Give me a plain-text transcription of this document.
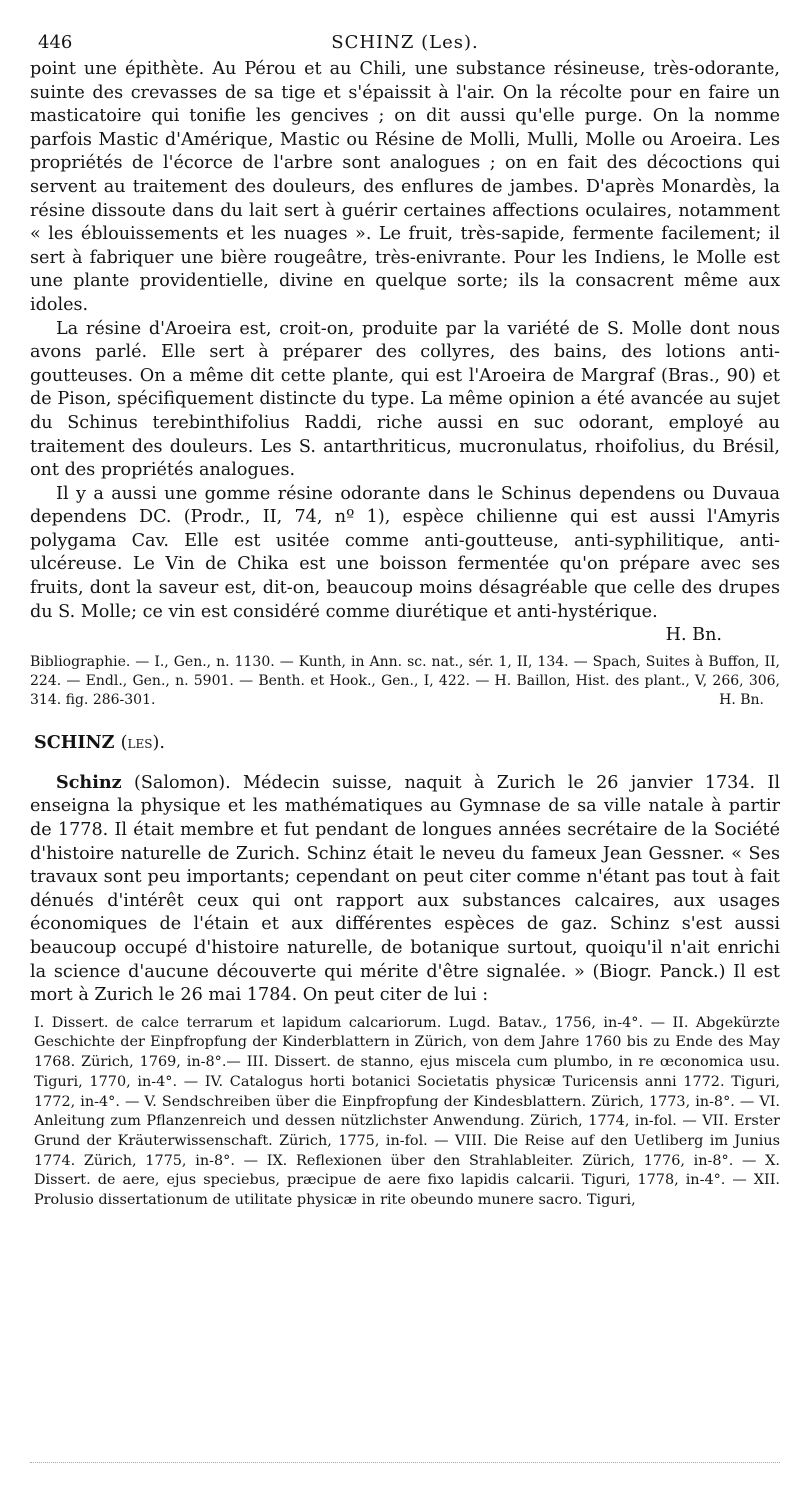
446	SCHINZ (Les).

point une épithète. Au Pérou et au Chili, une substance résineuse, très-odorante, suinte des crevasses de sa tige et s'épaissit à l'air. On la récolte pour en faire un masticatoire qui tonifie les gencives ; on dit aussi qu'elle purge. On la nomme parfois Mastic d'Amérique, Mastic ou Résine de Molli, Mulli, Molle ou Aroeira. Les propriétés de l'écorce de l'arbre sont analogues ; on en fait des décoctions qui servent au traitement des douleurs, des enflures de jambes. D'après Monardès, la résine dissoute dans du lait sert à guérir certaines affections oculaires, notamment « les éblouissements et les nuages ». Le fruit, très-sapide, fermente facilement; il sert à fabriquer une bière rougeâtre, très-enivrante. Pour les Indiens, le Molle est une plante providentielle, divine en quelque sorte; ils la consacrent même aux idoles.

La résine d'Aroeira est, croit-on, produite par la variété de S. Molle dont nous avons parlé. Elle sert à préparer des collyres, des bains, des lotions anti-goutteuses. On a même dit cette plante, qui est l'Aroeira de Margraf (Bras., 90) et de Pison, spécifiquement distincte du type. La même opinion a été avancée au sujet du Schinus terebinthifolius Raddi, riche aussi en suc odorant, employé au traitement des douleurs. Les S. antarthriticus, mucronulatus, rhoifolius, du Brésil, ont des propriétés analogues.

Il y a aussi une gomme résine odorante dans le Schinus dependens ou Duvaua dependens DC. (Prodr., II, 74, nº 1), espèce chilienne qui est aussi l'Amyris polygama Cav. Elle est usitée comme anti-goutteuse, anti-syphilitique, anti-ulcéreuse. Le Vin de Chika est une boisson fermentée qu'on prépare avec ses fruits, dont la saveur est, dit-on, beaucoup moins désagréable que celle des drupes du S. Molle; ce vin est considéré comme diurétique et anti-hystérique.

H. Bn.
Bibliographie. — I., Gen., n. 1130. — Kunth, in Ann. sc. nat., sér. 1, II, 134. — Spach, Suites à Buffon, II, 224. — Endl., Gen., n. 5901. — Benth. et Hook., Gen., I, 422. — H. Baillon, Hist. des plant., V, 266, 306, 314. fig. 286-301.	H. Bn.
SCHINZ (les).

Schinz (Salomon). Médecin suisse, naquit à Zurich le 26 janvier 1734. Il enseigna la physique et les mathématiques au Gymnase de sa ville natale à partir de 1778. Il était membre et fut pendant de longues années secrétaire de la Société d'histoire naturelle de Zurich. Schinz était le neveu du fameux Jean Gessner. « Ses travaux sont peu importants; cependant on peut citer comme n'étant pas tout à fait dénués d'intérêt ceux qui ont rapport aux substances calcaires, aux usages économiques de l'étain et aux différentes espèces de gaz. Schinz s'est aussi beaucoup occupé d'histoire naturelle, de botanique surtout, quoiqu'il n'ait enrichi la science d'aucune découverte qui mérite d'être signalée. » (Biogr. Panck.) Il est mort à Zurich le 26 mai 1784. On peut citer de lui :

I. Dissert. de calce terrarum et lapidum calcariorum. Lugd. Batav., 1756, in-4°. — II. Abgekürzte Geschichte der Einpfropfung der Kinderblattern in Zürich, von dem Jahre 1760 bis zu Ende des May 1768. Zürich, 1769, in-8°.— III. Dissert. de stanno, ejus miscela cum plumbo, in re œconomica usu. Tiguri, 1770, in-4°. — IV. Catalogus horti botanici Societatis physicæ Turicensis anni 1772. Tiguri, 1772, in-4°. — V. Sendschreiben über die Einpfropfung der Kindesblattern. Zürich, 1773, in-8°. — VI. Anleitung zum Pflanzenreich und dessen nützlichster Anwendung. Zürich, 1774, in-fol. — VII. Erster Grund der Kräuterwissenschaft. Zürich, 1775, in-fol. — VIII. Die Reise auf den Uetliberg im Junius 1774. Zürich, 1775, in-8°. — IX. Reflexionen über den Strahlableiter. Zürich, 1776, in-8°. — X. Dissert. de aere, ejus speciebus, præcipue de aere fixo lapidis calcarii. Tiguri, 1778, in-4°. — XII. Prolusio dissertationum de utilitate physicæ in rite obeundo munere sacro. Tiguri,
